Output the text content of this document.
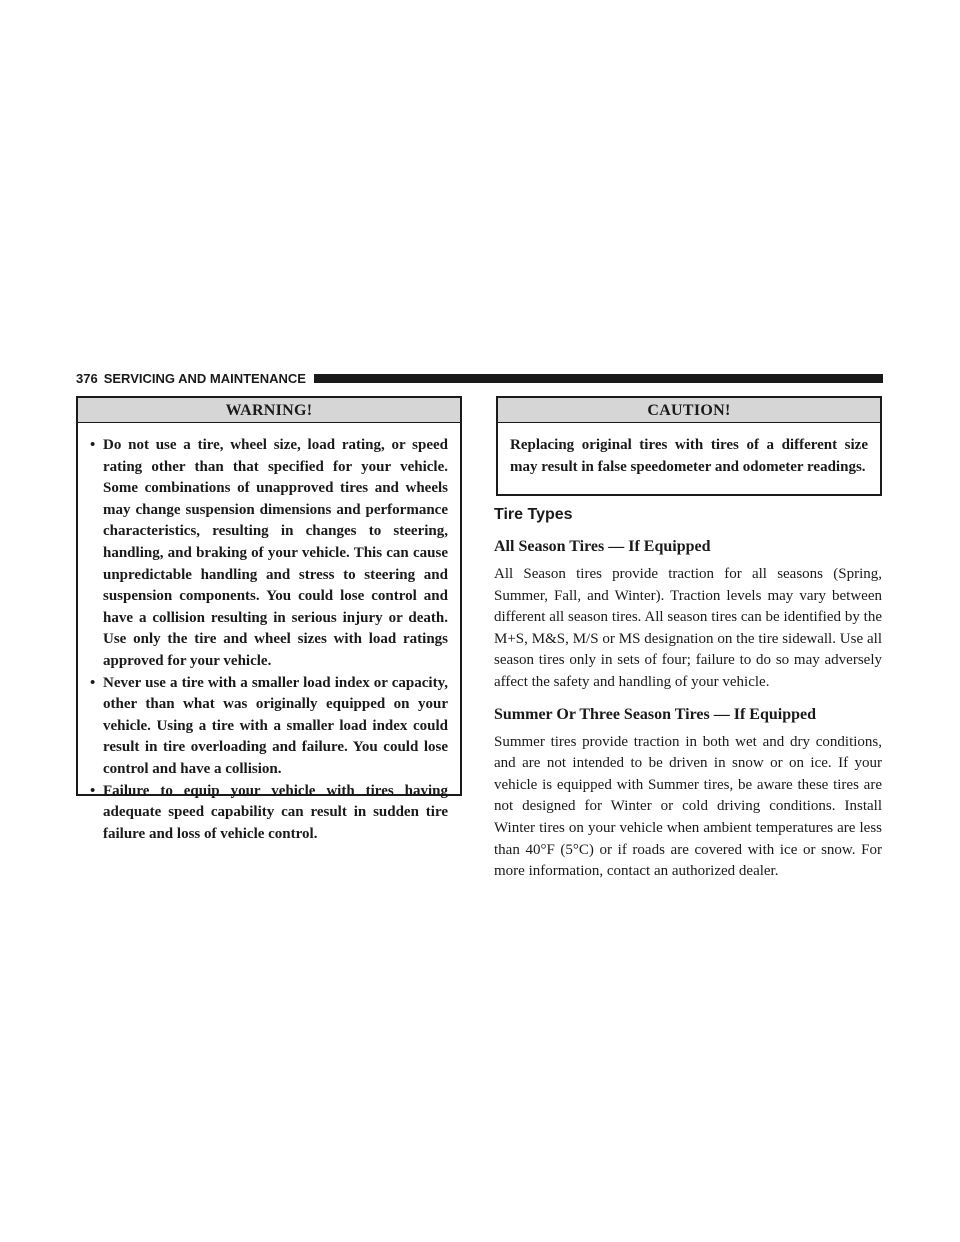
376 SERVICING AND MAINTENANCE
WARNING!
• Do not use a tire, wheel size, load rating, or speed rating other than that specified for your vehicle. Some combinations of unapproved tires and wheels may change suspension dimensions and performance characteristics, resulting in changes to steering, handling, and braking of your vehicle. This can cause unpredictable handling and stress to steering and suspension components. You could lose control and have a collision resulting in serious injury or death. Use only the tire and wheel sizes with load ratings approved for your vehicle.
• Never use a tire with a smaller load index or capacity, other than what was originally equipped on your vehicle. Using a tire with a smaller load index could result in tire overloading and failure. You could lose control and have a collision.
• Failure to equip your vehicle with tires having adequate speed capability can result in sudden tire failure and loss of vehicle control.
CAUTION!

Replacing original tires with tires of a different size may result in false speedometer and odometer readings.

Tire Types
All Season Tires — If Equipped

All Season tires provide traction for all seasons (Spring, Summer, Fall, and Winter). Traction levels may vary between different all season tires. All season tires can be identified by the M+S, M&S, M/S or MS designation on the tire sidewall. Use all season tires only in sets of four; failure to do so may adversely affect the safety and handling of your vehicle.

Summer Or Three Season Tires — If Equipped

Summer tires provide traction in both wet and dry conditions, and are not intended to be driven in snow or on ice. If your vehicle is equipped with Summer tires, be aware these tires are not designed for Winter or cold driving conditions. Install Winter tires on your vehicle when ambient temperatures are less than 40°F (5°C) or if roads are covered with ice or snow. For more information, contact an authorized dealer.
